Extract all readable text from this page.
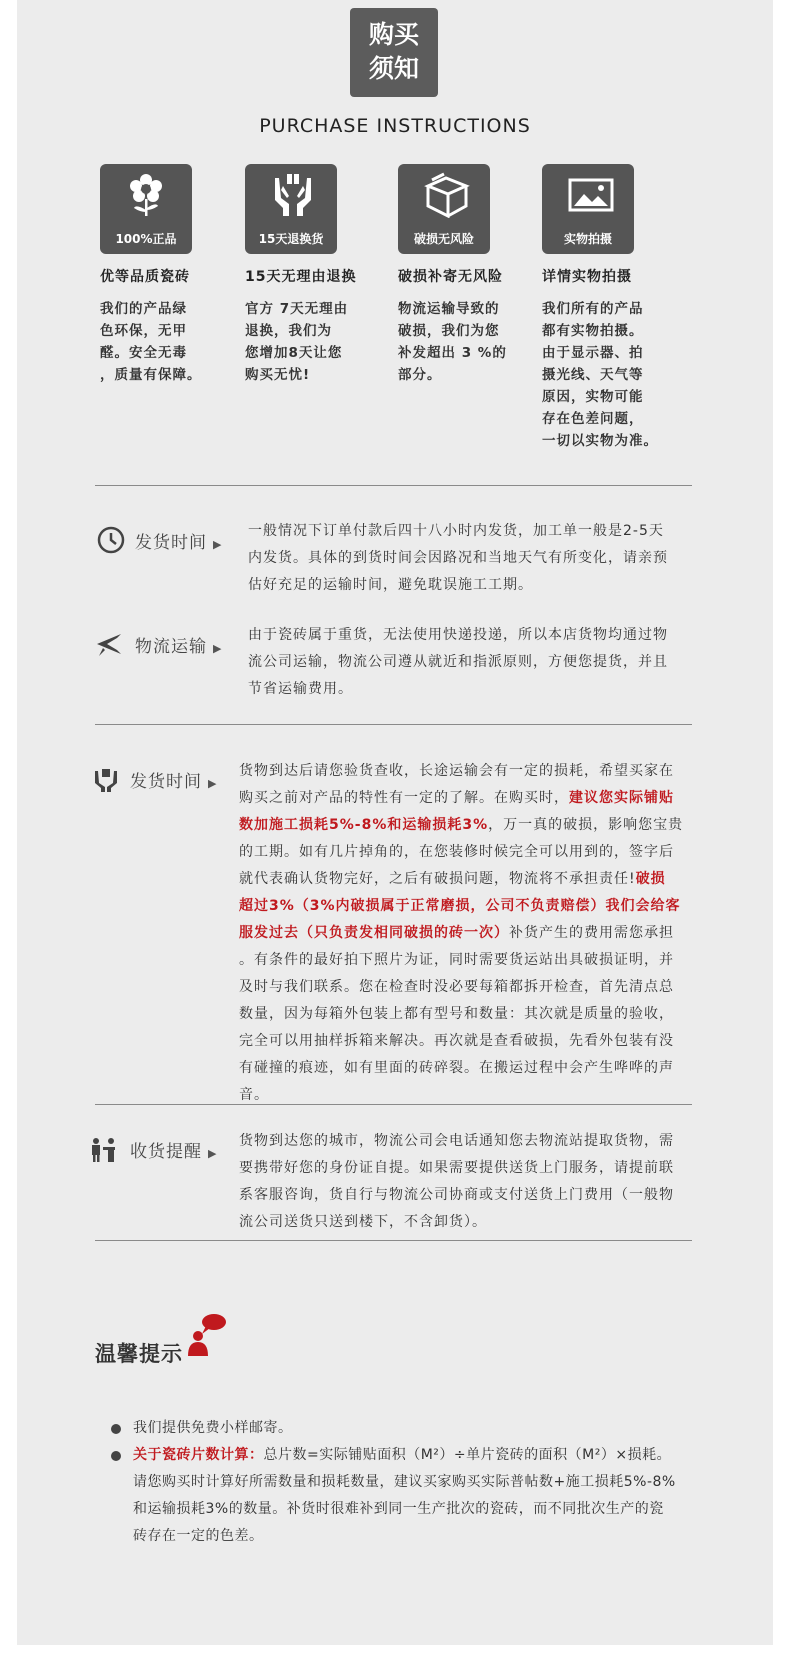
购买
须知
PURCHASE INSTRUCTIONS
100%正品
优等品质瓷砖
我们的产品绿
色环保，无甲
醛。安全无毒
，质量有保障。
15天退换货
15天无理由退换
官方 7天无理由
退换，我们为
您增加8天让您
购买无忧!
破损无风险
破损补寄无风险
物流运输导致的
破损，我们为您
补发超出 3 %的
部分。
实物拍摄
详情实物拍摄
我们所有的产品
都有实物拍摄。
由于显示器、拍
摄光线、天气等
原因，实物可能
存在色差问题，
一切以实物为准。
发货时间 ▶
一般情况下订单付款后四十八小时内发货，加工单一般是2-5天
内发货。具体的到货时间会因路况和当地天气有所变化，请亲预
估好充足的运输时间，避免耽误施工工期。
物流运输 ▶
由于瓷砖属于重货，无法使用快递投递，所以本店货物均通过物
流公司运输，物流公司遵从就近和指派原则，方便您提货，并且
节省运输费用。
发货时间 ▶
货物到达后请您验货查收，长途运输会有一定的损耗，希望买家在
购买之前对产品的特性有一定的了解。在购买时，建议您实际铺贴
数加施工损耗5%-8%和运输损耗3%，万一真的破损，影响您宝贵
的工期。如有几片掉角的，在您装修时候完全可以用到的，签字后
就代表确认货物完好，之后有破损问题，物流将不承担责任!破损
超过3%（3%内破损属于正常磨损，公司不负责赔偿）我们会给客
服发过去（只负责发相同破损的砖一次）补货产生的费用需您承担
。有条件的最好拍下照片为证，同时需要货运站出具破损证明，并
及时与我们联系。您在检查时没必要每箱都拆开检查，首先清点总
数量，因为每箱外包装上都有型号和数量：其次就是质量的验收，
完全可以用抽样拆箱来解决。再次就是查看破损，先看外包装有没
有碰撞的痕迹，如有里面的砖碎裂。在搬运过程中会产生哗哗的声
音。
收货提醒 ▶
货物到达您的城市，物流公司会电话通知您去物流站提取货物，需
要携带好您的身份证自提。如果需要提供送货上门服务，请提前联
系客服咨询，货自行与物流公司协商或支付送货上门费用（一般物
流公司送货只送到楼下，不含卸货）。
温馨提示
我们提供免费小样邮寄。
关于瓷砖片数计算：总片数=实际铺贴面积（M²）÷单片瓷砖的面积（M²）×损耗。
请您购买时计算好所需数量和损耗数量，建议买家购买实际普帖数+施工损耗5%-8%
和运输损耗3%的数量。补货时很难补到同一生产批次的瓷砖，而不同批次生产的瓷
砖存在一定的色差。
